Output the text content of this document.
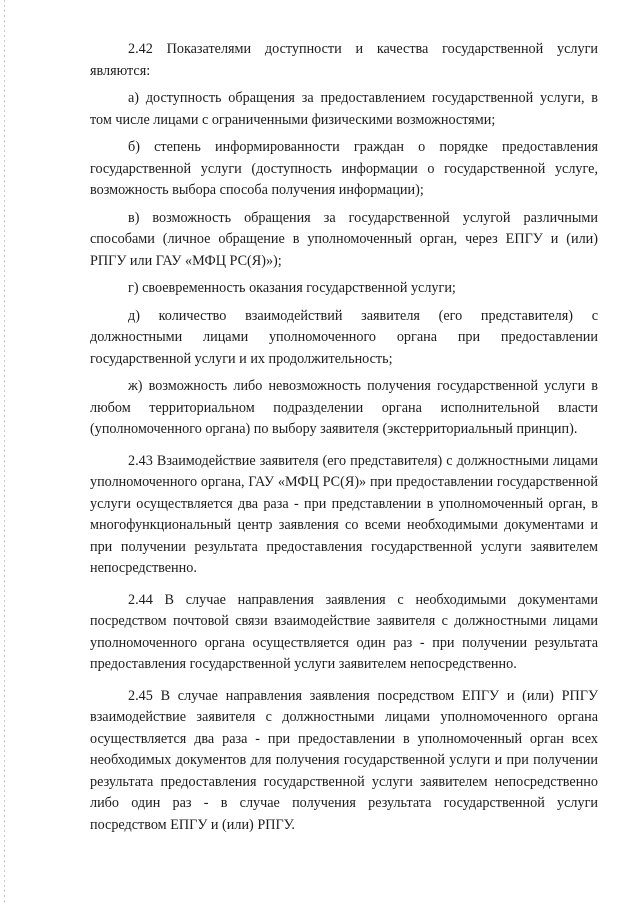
2.42 Показателями доступности и качества государственной услуги являются:

а) доступность обращения за предоставлением государственной услуги, в том числе лицами с ограниченными физическими возможностями;

б) степень информированности граждан о порядке предоставления государственной услуги (доступность информации о государственной услуге, возможность выбора способа получения информации);

в) возможность обращения за государственной услугой различными способами (личное обращение в уполномоченный орган, через ЕПГУ и (или) РПГУ или ГАУ «МФЦ РС(Я)»);

г) своевременность оказания государственной услуги;

д) количество взаимодействий заявителя (его представителя) с должностными лицами уполномоченного органа при предоставлении государственной услуги и их продолжительность;

ж) возможность либо невозможность получения государственной услуги в любом территориальном подразделении органа исполнительной власти (уполномоченного органа) по выбору заявителя (экстерриториальный принцип).

2.43 Взаимодействие заявителя (его представителя) с должностными лицами уполномоченного органа, ГАУ «МФЦ РС(Я)» при предоставлении государственной услуги осуществляется два раза - при представлении в уполномоченный орган, в многофункциональный центр заявления со всеми необходимыми документами и при получении результата предоставления государственной услуги заявителем непосредственно.

2.44 В случае направления заявления с необходимыми документами посредством почтовой связи взаимодействие заявителя с должностными лицами уполномоченного органа осуществляется один раз - при получении результата предоставления государственной услуги заявителем непосредственно.

2.45 В случае направления заявления посредством ЕПГУ и (или) РПГУ взаимодействие заявителя с должностными лицами уполномоченного органа осуществляется два раза - при предоставлении в уполномоченный орган всех необходимых документов для получения государственной услуги и при получении результата предоставления государственной услуги заявителем непосредственно либо один раз - в случае получения результата государственной услуги посредством ЕПГУ и (или) РПГУ.
